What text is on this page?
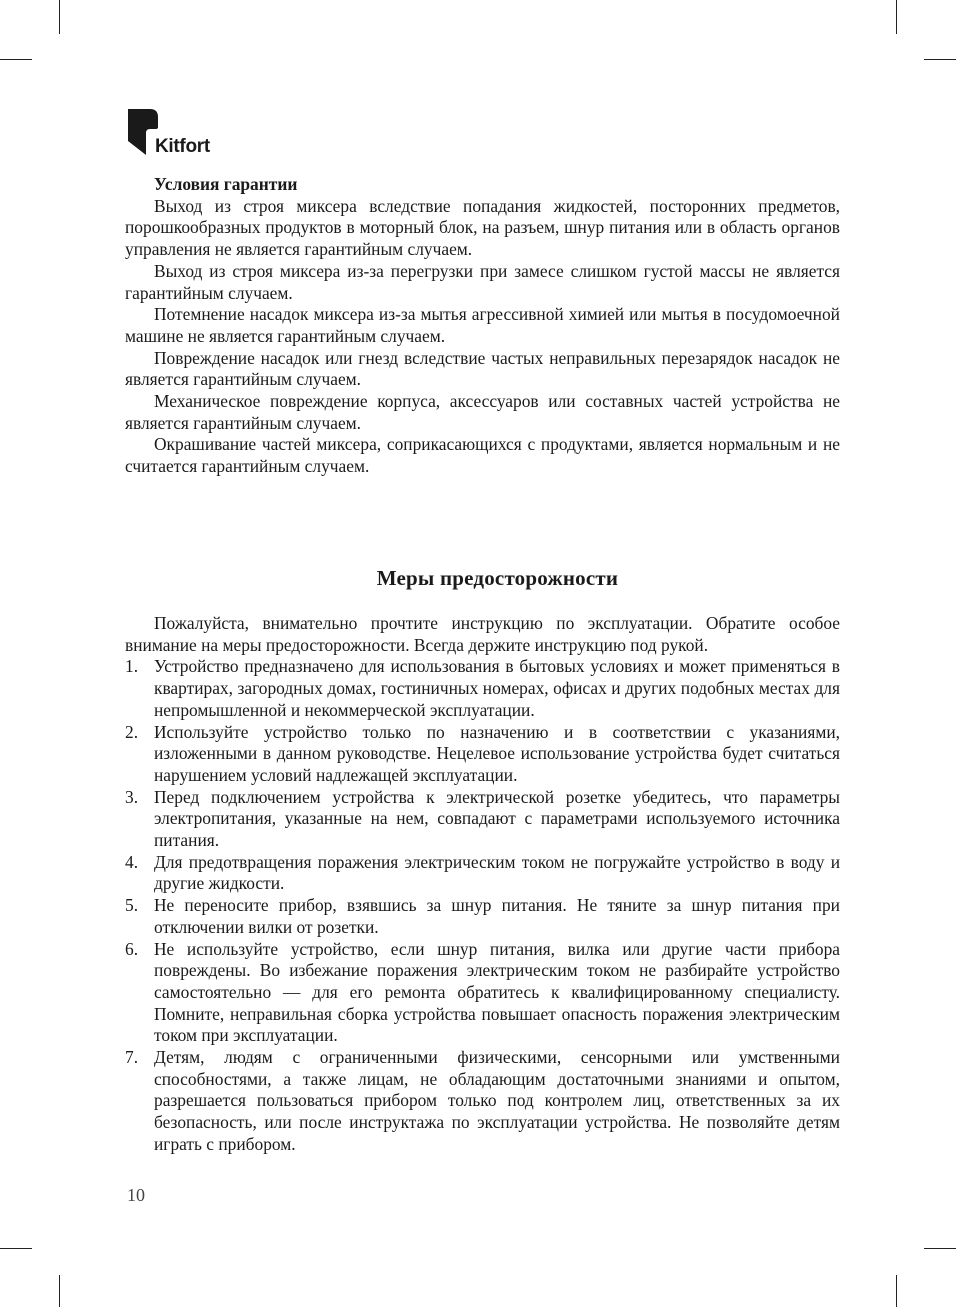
Kitfort
Условия гарантии

Выход из строя миксера вследствие попадания жидкостей, посторонних предметов, порошкообразных продуктов в моторный блок, на разъем, шнур питания или в область органов управления не является гарантийным случаем.

Выход из строя миксера из-за перегрузки при замесе слишком густой массы не является гарантийным случаем.

Потемнение насадок миксера из-за мытья агрессивной химией или мытья в посудомоечной машине не является гарантийным случаем.

Повреждение насадок или гнезд вследствие частых неправильных перезарядок насадок не является гарантийным случаем.

Механическое повреждение корпуса, аксессуаров или составных частей устройства не является гарантийным случаем.

Окрашивание частей миксера, соприкасающихся с продуктами, является нормальным и не считается гарантийным случаем.

Меры предосторожности

Пожалуйста, внимательно прочтите инструкцию по эксплуатации. Обратите особое внимание на меры предосторожности. Всегда держите инструкцию под рукой.

1. Устройство предназначено для использования в бытовых условиях и может применяться в квартирах, загородных домах, гостиничных номерах, офисах и других подобных местах для непромышленной и некоммерческой эксплуатации.
2. Используйте устройство только по назначению и в соответствии с указаниями, изложенными в данном руководстве. Нецелевое использование устройства будет считаться нарушением условий надлежащей эксплуатации.
3. Перед подключением устройства к электрической розетке убедитесь, что параметры электропитания, указанные на нем, совпадают с параметрами используемого источника питания.
4. Для предотвращения поражения электрическим током не погружайте устройство в воду и другие жидкости.
5. Не переносите прибор, взявшись за шнур питания. Не тяните за шнур питания при отключении вилки от розетки.
6. Не используйте устройство, если шнур питания, вилка или другие части прибора повреждены. Во избежание поражения электрическим током не разбирайте устройство самостоятельно — для его ремонта обратитесь к квалифицированному специалисту. Помните, неправильная сборка устройства повышает опасность поражения электрическим током при эксплуатации.
7. Детям, людям с ограниченными физическими, сенсорными или умственными способностями, а также лицам, не обладающим достаточными знаниями и опытом, разрешается пользоваться прибором только под контролем лиц, ответственных за их безопасность, или после инструктажа по эксплуатации устройства. Не позволяйте детям играть с прибором.
10
